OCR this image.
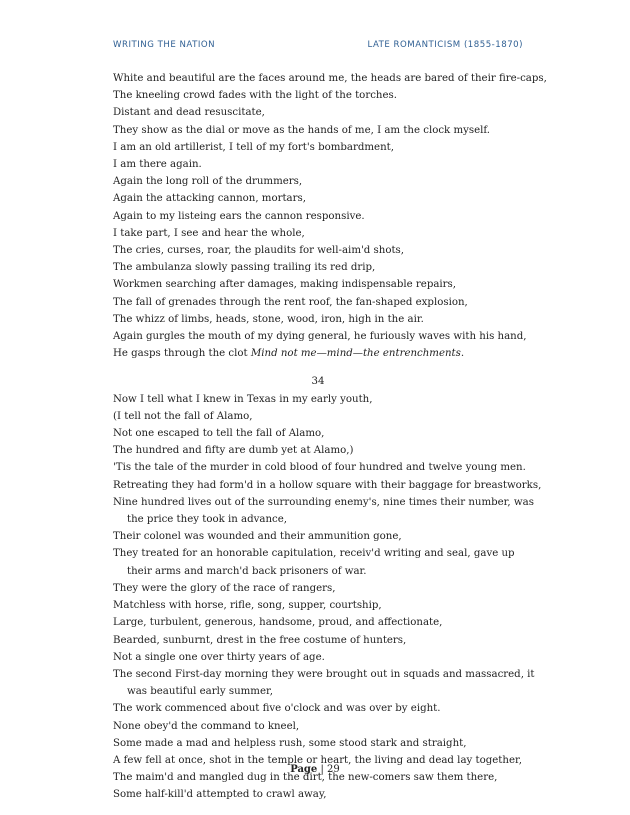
WRITING THE NATION	LATE ROMANTICISM (1855-1870)
White and beautiful are the faces around me, the heads are bared of their fire-caps,
The kneeling crowd fades with the light of the torches.
Distant and dead resuscitate,
They show as the dial or move as the hands of me, I am the clock myself.
I am an old artillerist, I tell of my fort's bombardment,
I am there again.
Again the long roll of the drummers,
Again the attacking cannon, mortars,
Again to my listeing ears the cannon responsive.
I take part, I see and hear the whole,
The cries, curses, roar, the plaudits for well-aim'd shots,
The ambulanza slowly passing trailing its red drip,
Workmen searching after damages, making indispensable repairs,
The fall of grenades through the rent roof, the fan-shaped explosion,
The whizz of limbs, heads, stone, wood, iron, high in the air.
Again gurgles the mouth of my dying general, he furiously waves with his hand,
He gasps through the clot Mind not me—mind—the entrenchments.
34
Now I tell what I knew in Texas in my early youth,
(I tell not the fall of Alamo,
Not one escaped to tell the fall of Alamo,
The hundred and fifty are dumb yet at Alamo,)
'Tis the tale of the murder in cold blood of four hundred and twelve young men.
Retreating they had form'd in a hollow square with their baggage for breastworks,
Nine hundred lives out of the surrounding enemy's, nine times their number, was
the price they took in advance,
Their colonel was wounded and their ammunition gone,
They treated for an honorable capitulation, receiv'd writing and seal, gave up
their arms and march'd back prisoners of war.
They were the glory of the race of rangers,
Matchless with horse, rifle, song, supper, courtship,
Large, turbulent, generous, handsome, proud, and affectionate,
Bearded, sunburnt, drest in the free costume of hunters,
Not a single one over thirty years of age.
The second First-day morning they were brought out in squads and massacred, it
was beautiful early summer,
The work commenced about five o'clock and was over by eight.
None obey'd the command to kneel,
Some made a mad and helpless rush, some stood stark and straight,
A few fell at once, shot in the temple or heart, the living and dead lay together,
The maim'd and mangled dug in the dirt, the new-comers saw them there,
Some half-kill'd attempted to crawl away,
Page | 29
